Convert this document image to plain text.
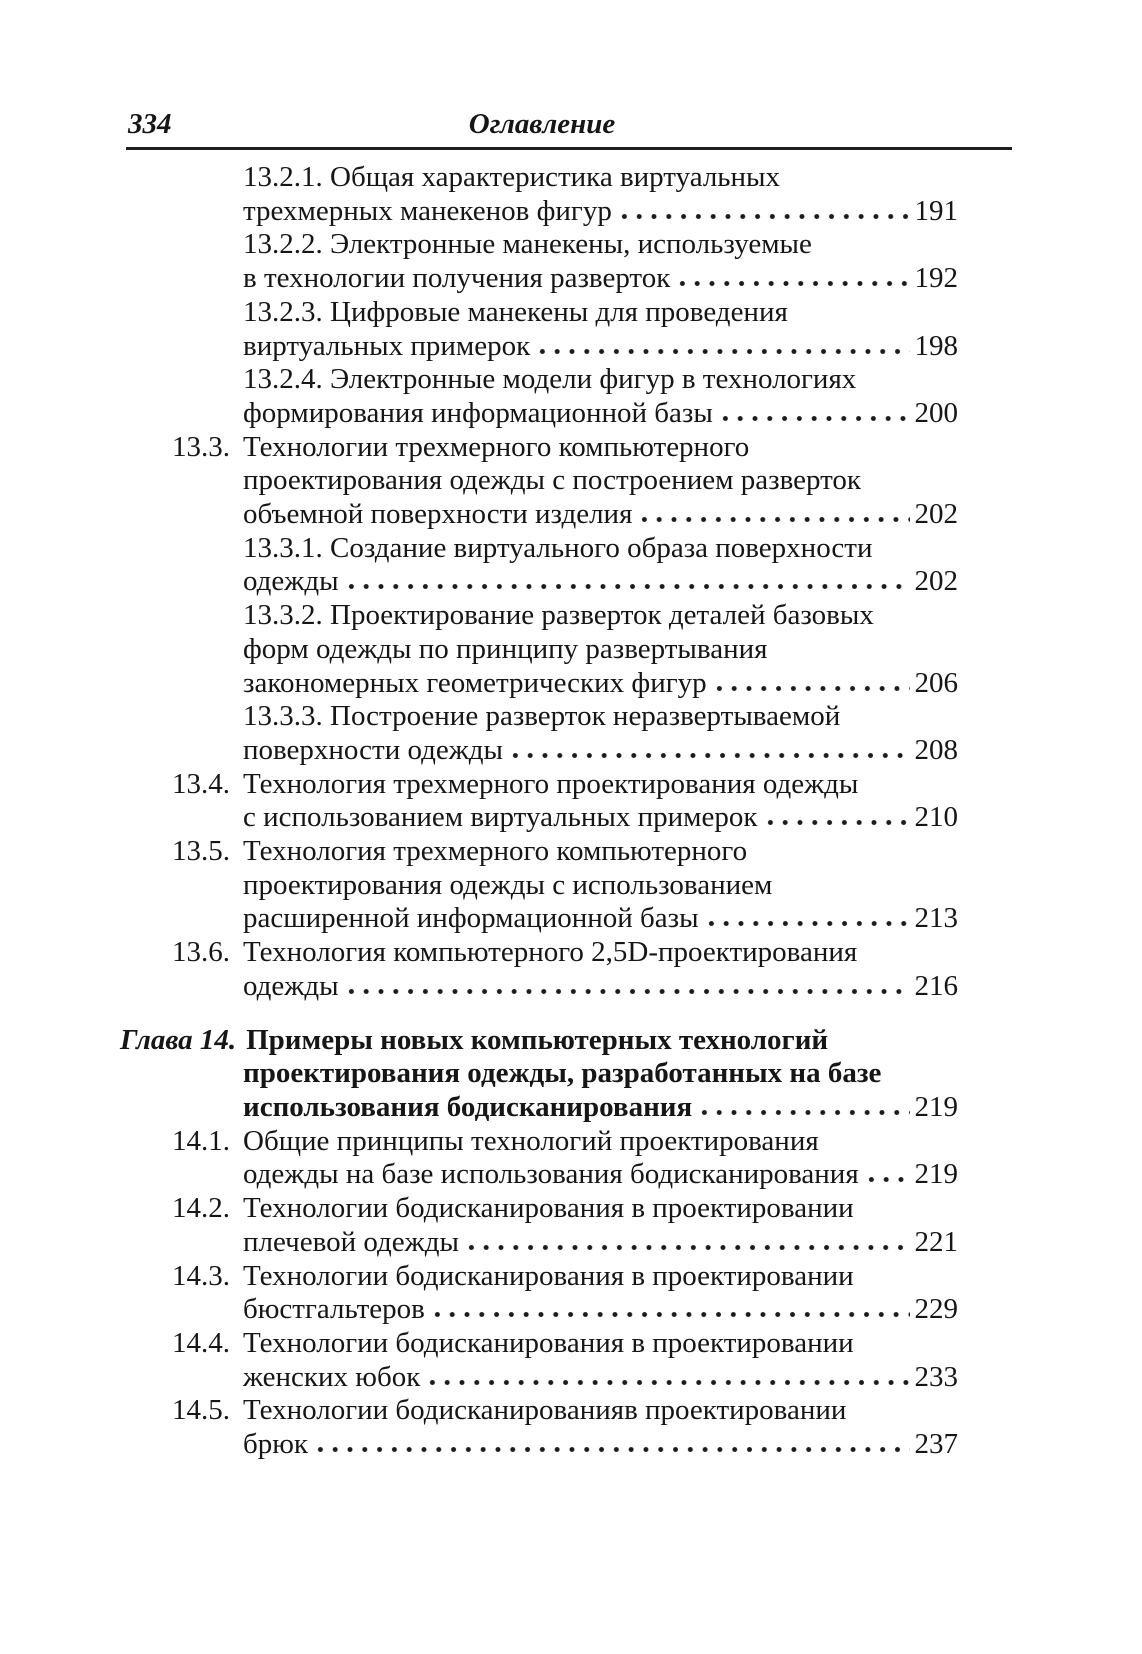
334	Оглавление
13.2.1. Общая характеристика виртуальных
трехмерных манекенов фигур	191
13.2.2. Электронные манекены, используемые
в технологии получения разверток	192
13.2.3. Цифровые манекены для проведения
виртуальных примерок	198
13.2.4. Электронные модели фигур в технологиях
формирования информационной базы	200
13.3. Технологии трехмерного компьютерного
проектирования одежды с построением разверток
объемной поверхности изделия	202
13.3.1. Создание виртуального образа поверхности
одежды	202
13.3.2. Проектирование разверток деталей базовых
форм одежды по принципу развертывания
закономерных геометрических фигур	206
13.3.3. Построение разверток неразвертываемой
поверхности одежды	208
13.4. Технология трехмерного проектирования одежды
с использованием виртуальных примерок	210
13.5. Технология трехмерного компьютерного
проектирования одежды с использованием
расширенной информационной базы	213
13.6. Технология компьютерного 2,5D-проектирования
одежды	216
Глава 14. Примеры новых компьютерных технологий
проектирования одежды, разработанных на базе
использования бодисканирования	219
14.1. Общие принципы технологий проектирования
одежды на базе использования бодисканирования 219
14.2. Технологии бодисканирования в проектировании
плечевой одежды	221
14.3. Технологии бодисканирования в проектировании
бюстгальтеров	229
14.4. Технологии бодисканирования в проектировании
женских юбок	233
14.5. Технологии бодисканированияв проектировании
брюк	237
